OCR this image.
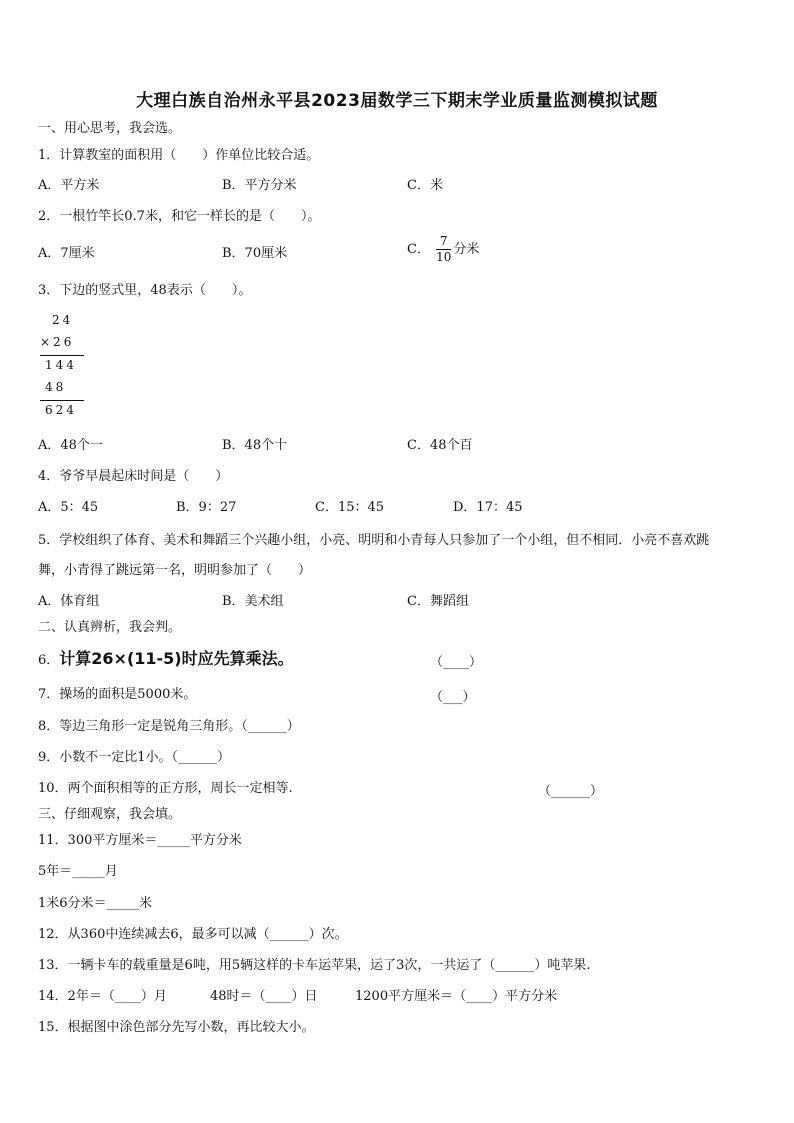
大理白族自治州永平县2023届数学三下期末学业质量监测模拟试题
一、用心思考，我会选。
1．计算教室的面积用（　　）作单位比较合适。
A．平方米	B．平方分米	C．米
2．一根竹竿长0.7米，和它一样长的是（　　）。
A．7厘米	B．70厘米	C． $\frac{7}{10}$ 分米
3．下边的竖式里，48表示（　　）。
24
×26
144
48
624
A．48个一	B．48个十	C．48个百
4．爷爷早晨起床时间是（　　）
A．5：45	B．9：27	C．15：45	D．17：45
5．学校组织了体育、美术和舞蹈三个兴趣小组，小亮、明明和小青每人只参加了一个小组，但不相同．小亮不喜欢跳
舞，小青得了跳远第一名，明明参加了（　　）
A．体育组	B．美术组	C．舞蹈组
二、认真辨析，我会判。
6．计算26×(11-5)时应先算乘法。	（____）
7．操场的面积是5000米。	（___）
8．等边三角形一定是锐角三角形。（______）
9．小数不一定比1小。（______）
10．两个面积相等的正方形，周长一定相等.	（______）
三、仔细观察，我会填。
11．300平方厘米＝_____平方分米
5年＝_____月
1米6分米＝_____米
12．从360中连续减去6，最多可以减（______）次。
13．一辆卡车的载重量是6吨，用5辆这样的卡车运苹果，运了3次，一共运了（______）吨苹果.
14．2年＝（____）月	48时＝（____）日	1200平方厘米＝（____）平方分米
15．根据图中涂色部分先写小数，再比较大小。
